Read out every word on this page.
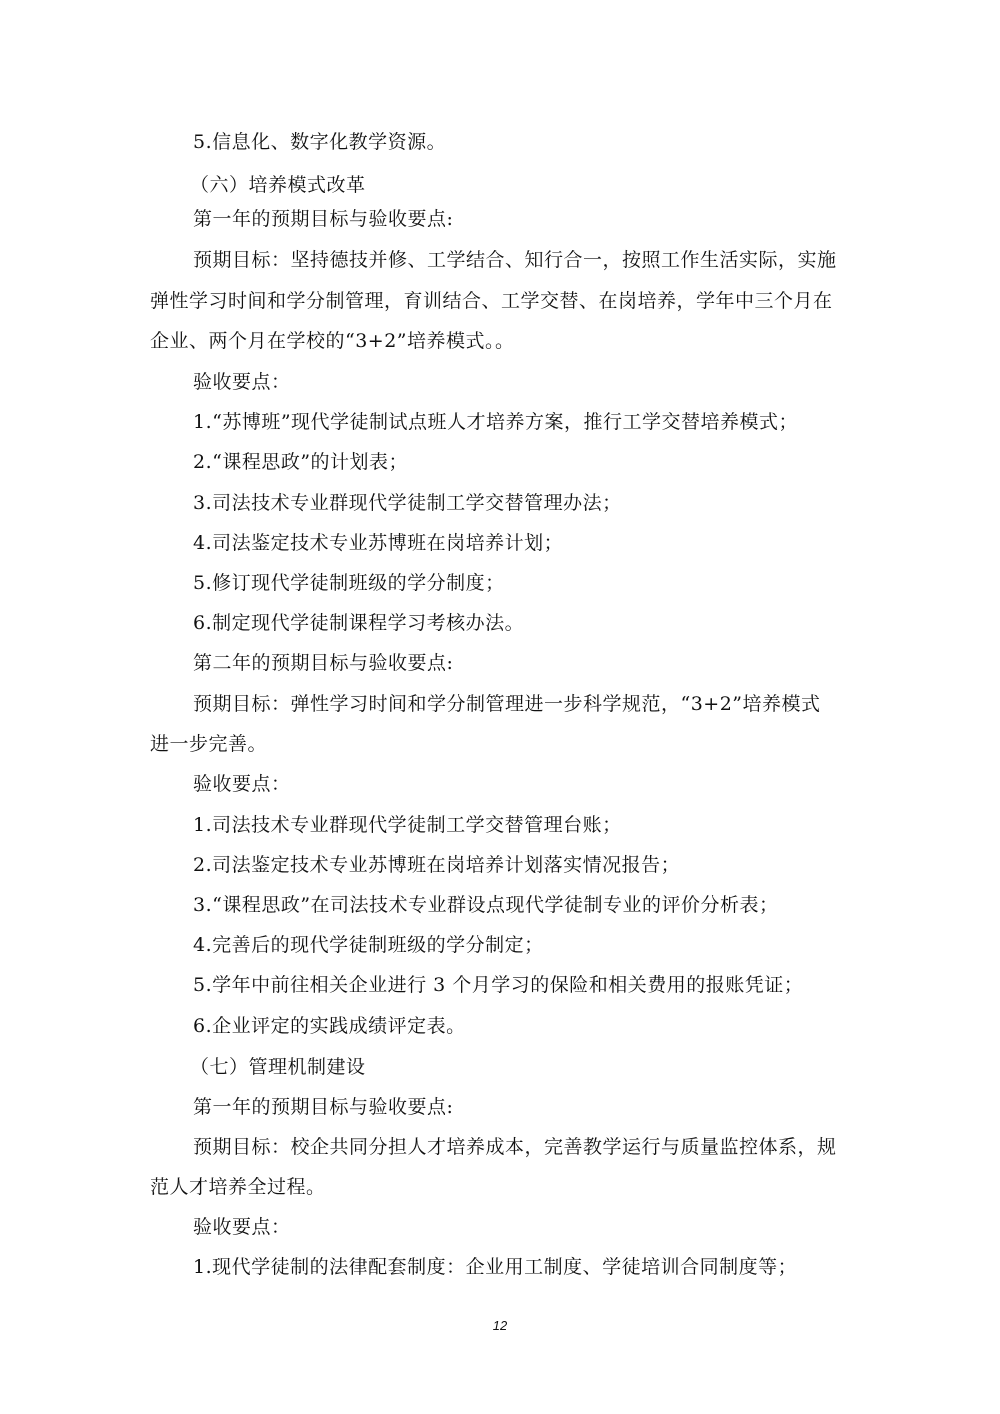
5.信息化、数字化教学资源。
（六）培养模式改革
第一年的预期目标与验收要点:
预期目标：坚持德技并修、工学结合、知行合一，按照工作生活实际，实施
弹性学习时间和学分制管理，育训结合、工学交替、在岗培养，学年中三个月在
企业、两个月在学校的“3+2”培养模式。。
验收要点：
1.“苏博班”现代学徒制试点班人才培养方案，推行工学交替培养模式；
2.“课程思政”的计划表；
3.司法技术专业群现代学徒制工学交替管理办法；
4.司法鉴定技术专业苏博班在岗培养计划；
5.修订现代学徒制班级的学分制度；
6.制定现代学徒制课程学习考核办法。
第二年的预期目标与验收要点:
预期目标：弹性学习时间和学分制管理进一步科学规范，“3+2”培养模式
进一步完善。
验收要点：
1.司法技术专业群现代学徒制工学交替管理台账；
2.司法鉴定技术专业苏博班在岗培养计划落实情况报告；
3.“课程思政”在司法技术专业群设点现代学徒制专业的评价分析表；
4.完善后的现代学徒制班级的学分制定；
5.学年中前往相关企业进行 3 个月学习的保险和相关费用的报账凭证；
6.企业评定的实践成绩评定表。
（七）管理机制建设
第一年的预期目标与验收要点:
预期目标：校企共同分担人才培养成本，完善教学运行与质量监控体系，规
范人才培养全过程。
验收要点：
1.现代学徒制的法律配套制度：企业用工制度、学徒培训合同制度等；
12
